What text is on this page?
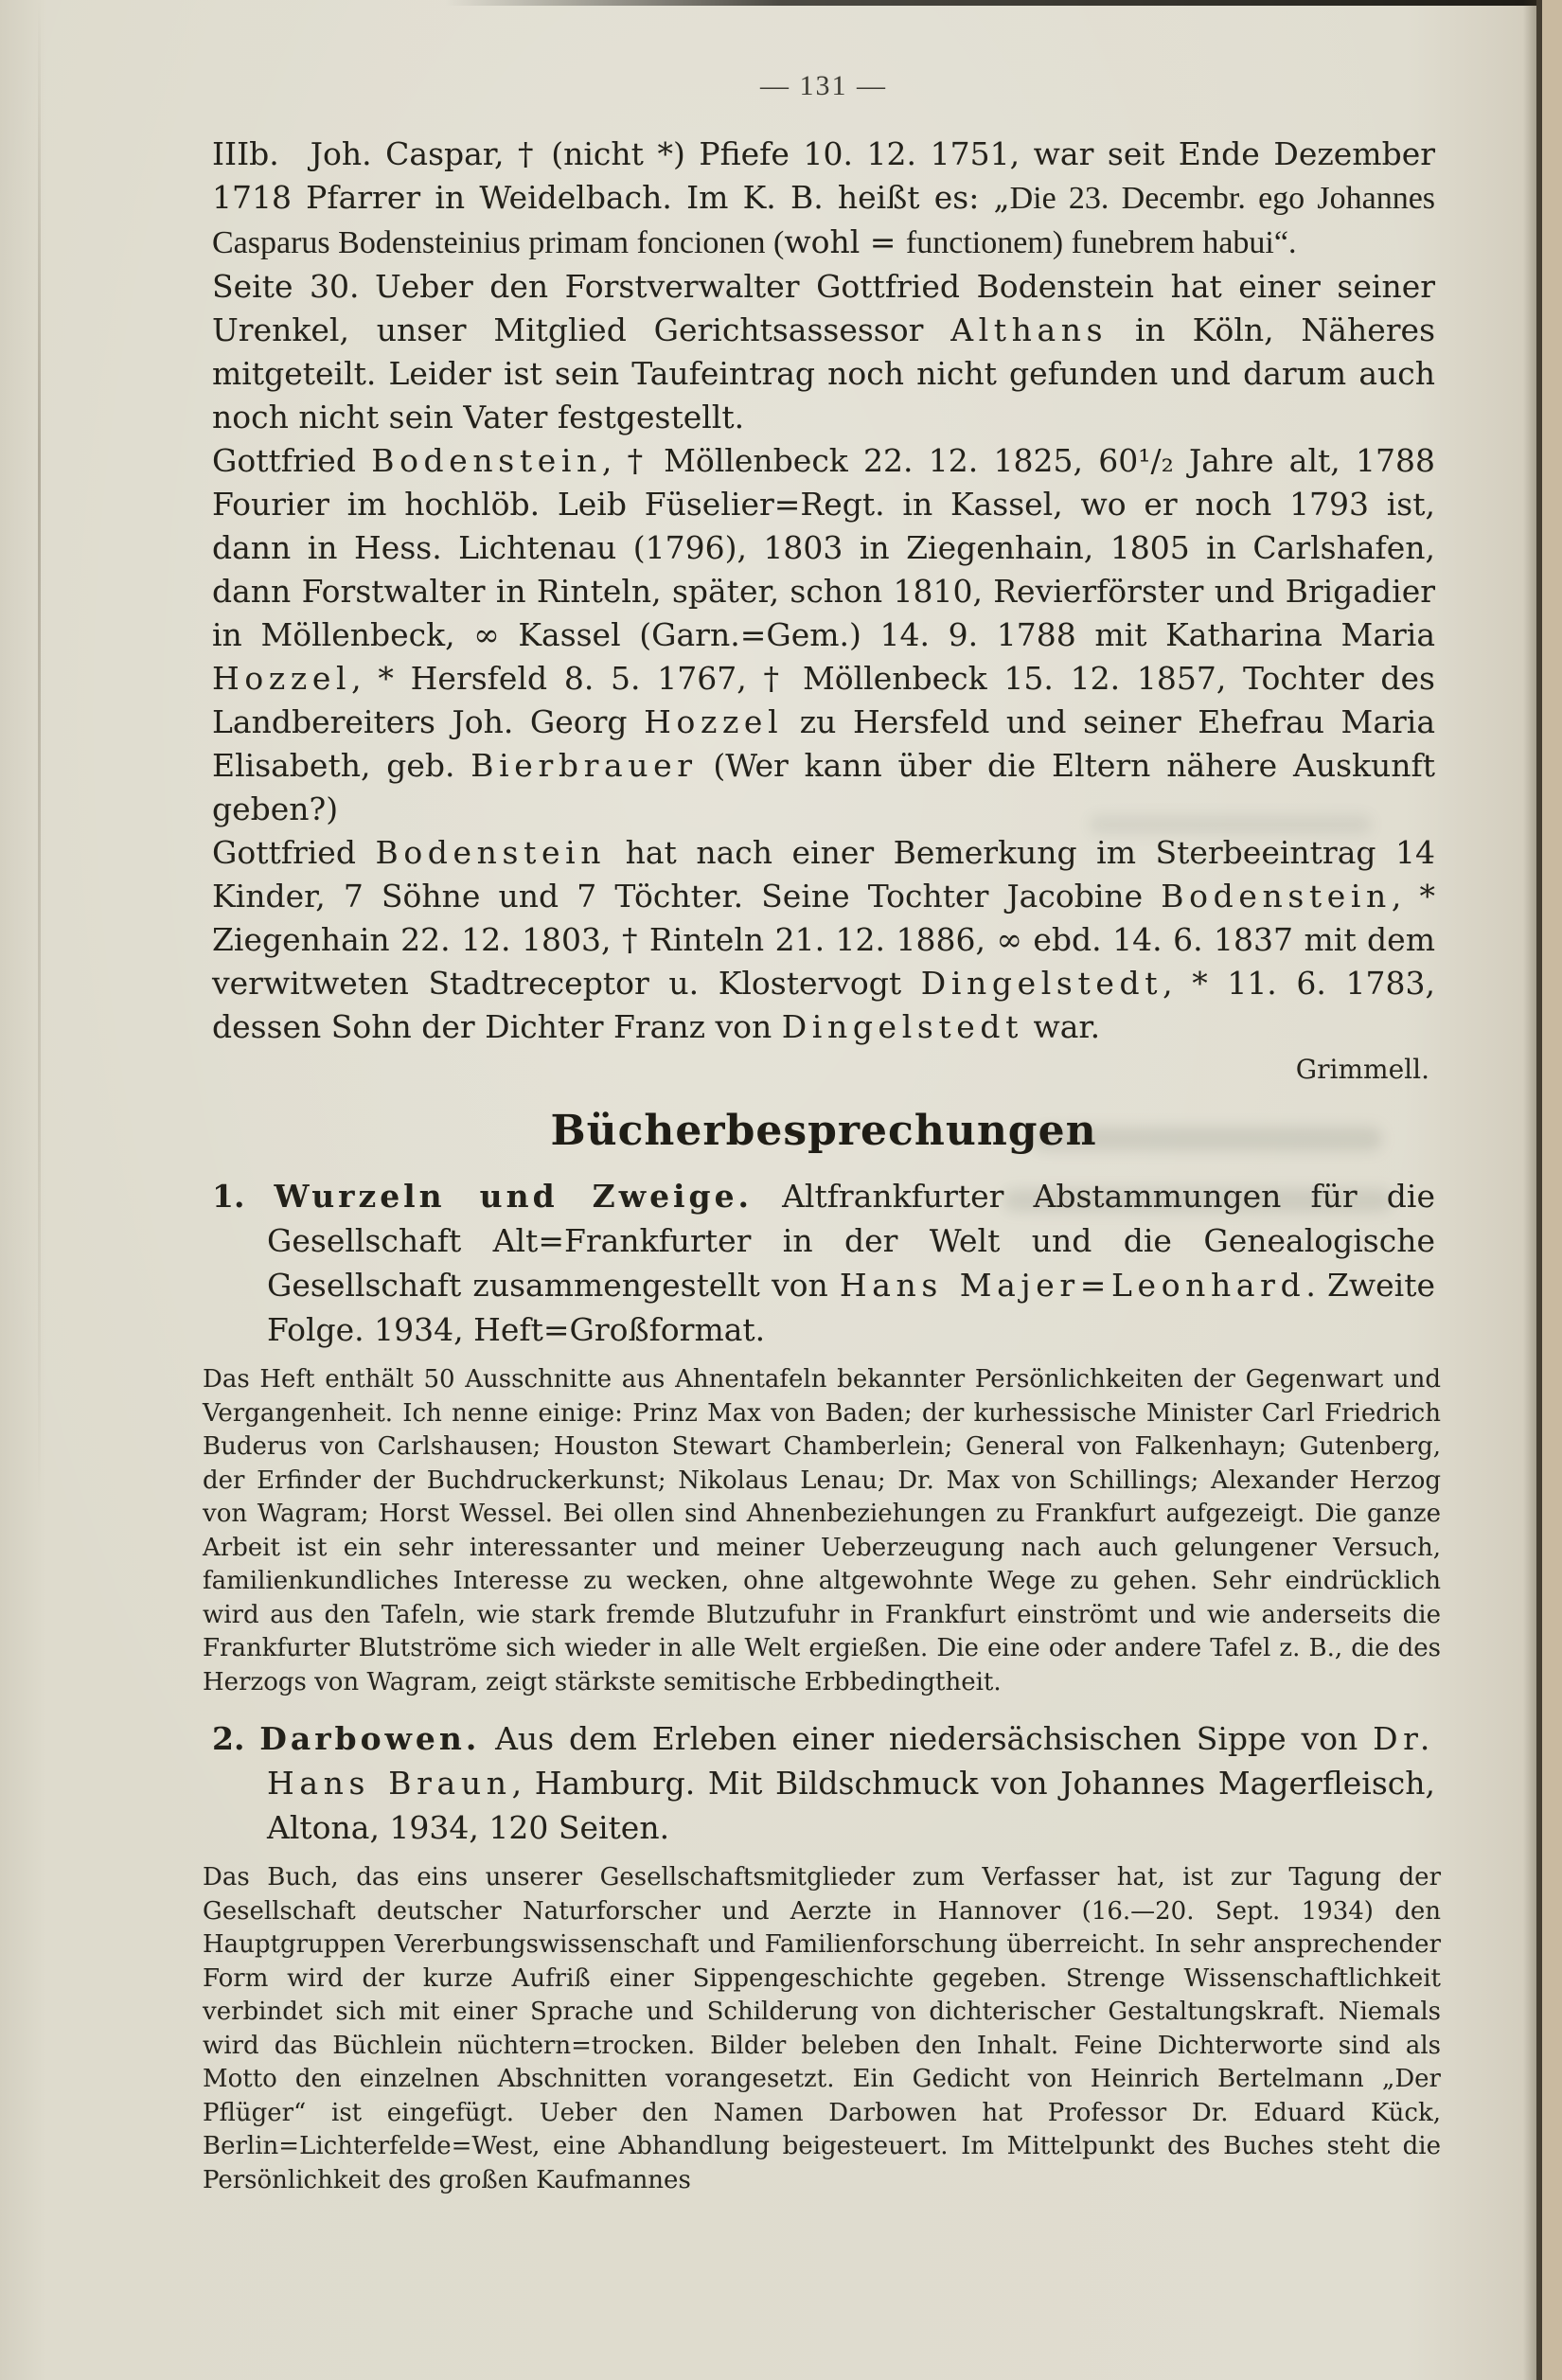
— 131 —

IIIb. Joh. Caspar, † (nicht *) Pfiefe 10. 12. 1751, war seit Ende Dezember 1718 Pfarrer in Weidelbach. Im K. B. heißt es: „Die 23. Decembr. ego Johannes Casparus Bodensteinius primam foncionen (wohl = functionem) funebrem habui“.

Seite 30. Ueber den Forstverwalter Gottfried Bodenstein hat einer seiner Urenkel, unser Mitglied Gerichtsassessor Althans in Köln, Näheres mitgeteilt. Leider ist sein Taufeintrag noch nicht gefunden und darum auch noch nicht sein Vater festgestellt.

Gottfried Bodenstein, † Möllenbeck 22. 12. 1825, 60¹/₂ Jahre alt, 1788 Fourier im hochlöb. Leib Füselier=Regt. in Kassel, wo er noch 1793 ist, dann in Hess. Lichtenau (1796), 1803 in Ziegenhain, 1805 in Carlshafen, dann Forstwalter in Rinteln, später, schon 1810, Revierförster und Brigadier in Möllenbeck, ∞ Kassel (Garn.=Gem.) 14. 9. 1788 mit Katharina Maria Hozzel, * Hersfeld 8. 5. 1767, † Möllenbeck 15. 12. 1857, Tochter des Landbereiters Joh. Georg Hozzel zu Hersfeld und seiner Ehefrau Maria Elisabeth, geb. Bierbrauer (Wer kann über die Eltern nähere Auskunft geben?)

Gottfried Bodenstein hat nach einer Bemerkung im Sterbeeintrag 14 Kinder, 7 Söhne und 7 Töchter. Seine Tochter Jacobine Bodenstein, * Ziegenhain 22. 12. 1803, † Rinteln 21. 12. 1886, ∞ ebd. 14. 6. 1837 mit dem verwitweten Stadtreceptor u. Klostervogt Dingelstedt, * 11. 6. 1783, dessen Sohn der Dichter Franz von Dingelstedt war.

Grimmell.
Bücherbesprechungen

1. Wurzeln und Zweige. Altfrankfurter Abstammungen für die Gesellschaft Alt=Frankfurter in der Welt und die Genealogische Gesellschaft zusammengestellt von Hans Majer=Leonhard. Zweite Folge. 1934, Heft=Großformat.

Das Heft enthält 50 Ausschnitte aus Ahnentafeln bekannter Persönlichkeiten der Gegenwart und Vergangenheit. Ich nenne einige: Prinz Max von Baden; der kurhessische Minister Carl Friedrich Buderus von Carlshausen; Houston Stewart Chamberlein; General von Falkenhayn; Gutenberg, der Erfinder der Buchdruckerkunst; Nikolaus Lenau; Dr. Max von Schillings; Alexander Herzog von Wagram; Horst Wessel. Bei ollen sind Ahnenbeziehungen zu Frankfurt aufgezeigt. Die ganze Arbeit ist ein sehr interessanter und meiner Ueberzeugung nach auch gelungener Versuch, familienkundliches Interesse zu wecken, ohne altgewohnte Wege zu gehen. Sehr eindrücklich wird aus den Tafeln, wie stark fremde Blutzufuhr in Frankfurt einströmt und wie anderseits die Frankfurter Blutströme sich wieder in alle Welt ergießen. Die eine oder andere Tafel z. B., die des Herzogs von Wagram, zeigt stärkste semitische Erbbedingtheit.

2. Darbowen. Aus dem Erleben einer niedersächsischen Sippe von Dr. Hans Braun, Hamburg. Mit Bildschmuck von Johannes Magerfleisch, Altona, 1934, 120 Seiten.

Das Buch, das eins unserer Gesellschaftsmitglieder zum Verfasser hat, ist zur Tagung der Gesellschaft deutscher Naturforscher und Aerzte in Hannover (16.—20. Sept. 1934) den Hauptgruppen Vererbungswissenschaft und Familienforschung überreicht. In sehr ansprechender Form wird der kurze Aufriß einer Sippengeschichte gegeben. Strenge Wissenschaftlichkeit verbindet sich mit einer Sprache und Schilderung von dichterischer Gestaltungskraft. Niemals wird das Büchlein nüchtern=trocken. Bilder beleben den Inhalt. Feine Dichterworte sind als Motto den einzelnen Abschnitten vorangesetzt. Ein Gedicht von Heinrich Bertelmann „Der Pflüger“ ist eingefügt. Ueber den Namen Darbowen hat Professor Dr. Eduard Kück, Berlin=Lichterfelde=West, eine Abhandlung beigesteuert. Im Mittelpunkt des Buches steht die Persönlichkeit des großen Kaufmannes
